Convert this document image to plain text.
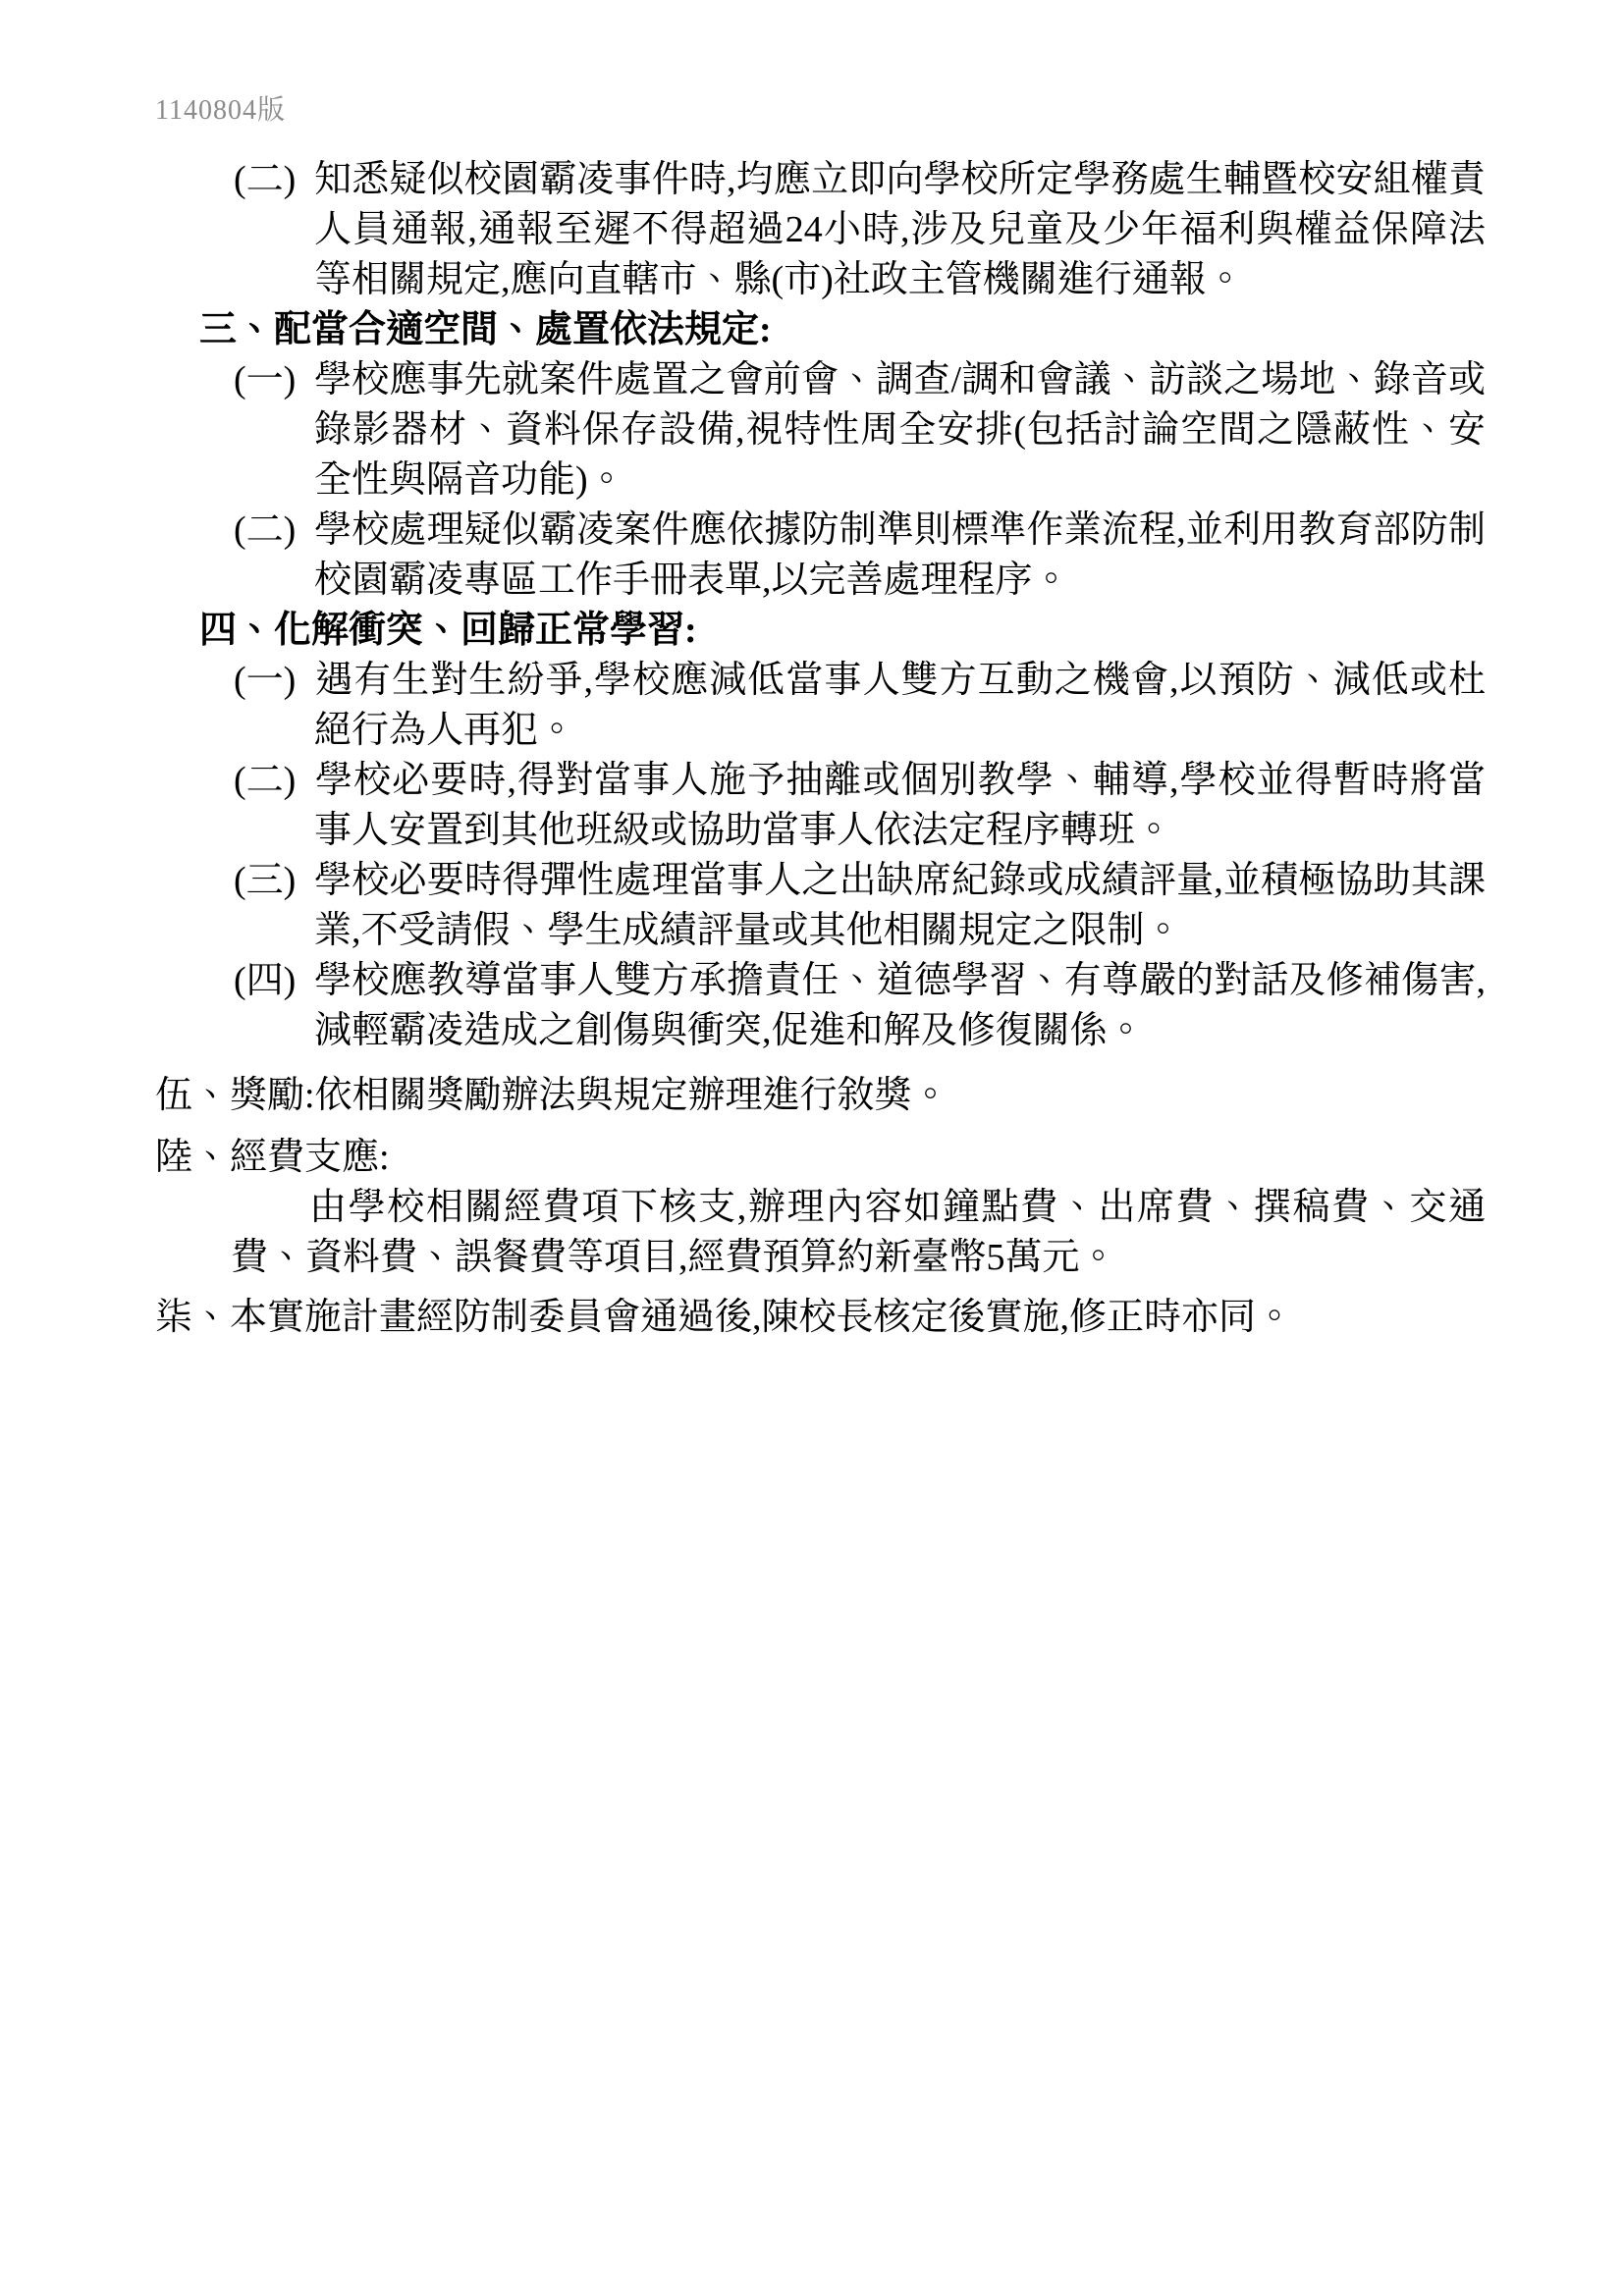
1140804版
(二) 知悉疑似校園霸凌事件時,均應立即向學校所定學務處生輔暨校安組權責人員通報,通報至遲不得超過24小時,涉及兒童及少年福利與權益保障法等相關規定,應向直轄市、縣(市)社政主管機關進行通報。
三、配當合適空間、處置依法規定:
(一) 學校應事先就案件處置之會前會、調查/調和會議、訪談之場地、錄音或錄影器材、資料保存設備,視特性周全安排(包括討論空間之隱蔽性、安全性與隔音功能)。
(二) 學校處理疑似霸凌案件應依據防制準則標準作業流程,並利用教育部防制校園霸凌專區工作手冊表單,以完善處理程序。
四、化解衝突、回歸正常學習:
(一) 遇有生對生紛爭,學校應減低當事人雙方互動之機會,以預防、減低或杜絕行為人再犯。
(二) 學校必要時,得對當事人施予抽離或個別教學、輔導,學校並得暫時將當事人安置到其他班級或協助當事人依法定程序轉班。
(三) 學校必要時得彈性處理當事人之出缺席紀錄或成績評量,並積極協助其課業,不受請假、學生成績評量或其他相關規定之限制。
(四) 學校應教導當事人雙方承擔責任、道德學習、有尊嚴的對話及修補傷害,減輕霸凌造成之創傷與衝突,促進和解及修復關係。
伍、獎勵:依相關獎勵辦法與規定辦理進行敘獎。
陸、經費支應:
由學校相關經費項下核支,辦理內容如鐘點費、出席費、撰稿費、交通費、資料費、誤餐費等項目,經費預算約新臺幣5萬元。
柒、本實施計畫經防制委員會通過後,陳校長核定後實施,修正時亦同。
